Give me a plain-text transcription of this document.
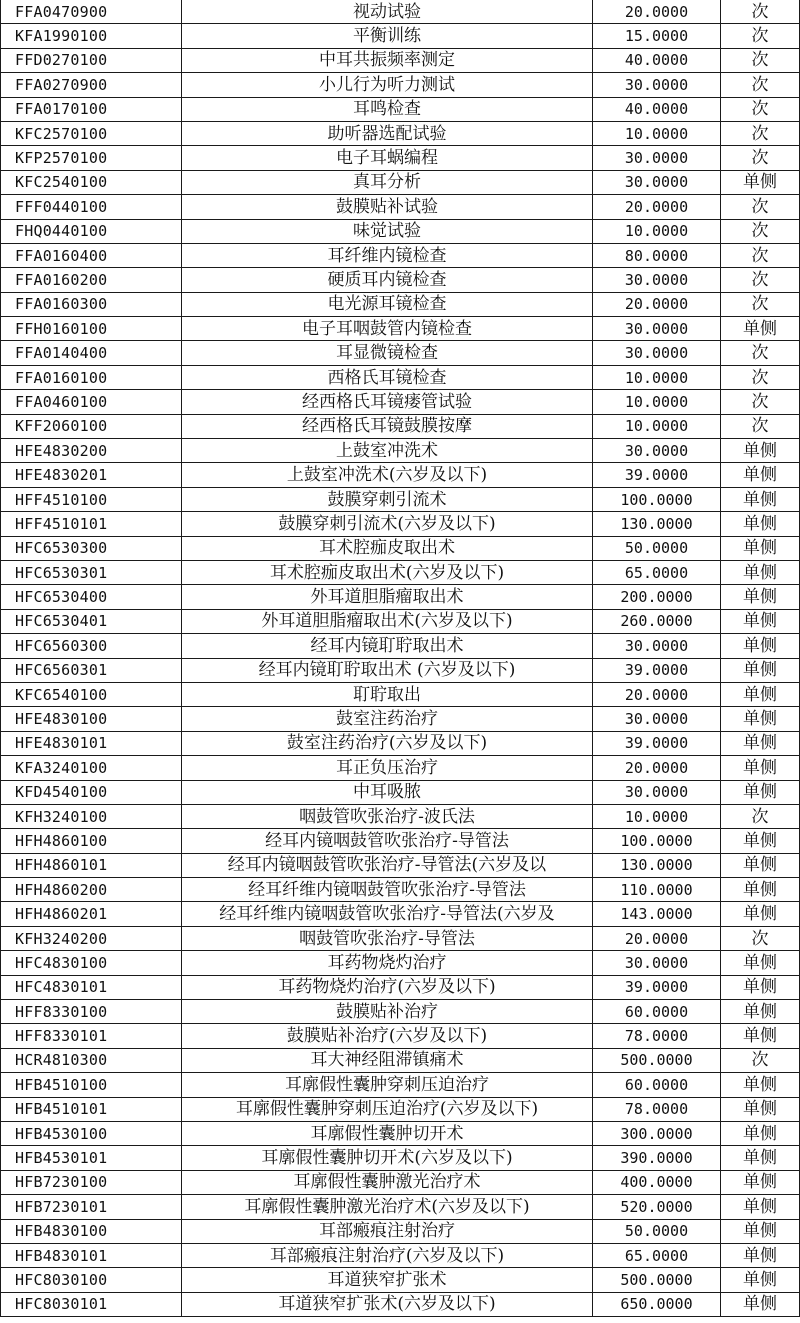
FFA0470900	视动试验	20.0000	次
KFA1990100	平衡训练	15.0000	次
FFD0270100	中耳共振频率测定	40.0000	次
FFA0270900	小儿行为听力测试	30.0000	次
FFA0170100	耳鸣检查	40.0000	次
KFC2570100	助听器选配试验	10.0000	次
KFP2570100	电子耳蜗编程	30.0000	次
KFC2540100	真耳分析	30.0000	单侧
FFF0440100	鼓膜贴补试验	20.0000	次
FHQ0440100	味觉试验	10.0000	次
FFA0160400	耳纤维内镜检查	80.0000	次
FFA0160200	硬质耳内镜检查	30.0000	次
FFA0160300	电光源耳镜检查	20.0000	次
FFH0160100	电子耳咽鼓管内镜检查	30.0000	单侧
FFA0140400	耳显微镜检查	30.0000	次
FFA0160100	西格氏耳镜检查	10.0000	次
FFA0460100	经西格氏耳镜瘘管试验	10.0000	次
KFF2060100	经西格氏耳镜鼓膜按摩	10.0000	次
HFE4830200	上鼓室冲洗术	30.0000	单侧
HFE4830201	上鼓室冲洗术(六岁及以下)	39.0000	单侧
HFF4510100	鼓膜穿刺引流术	100.0000	单侧
HFF4510101	鼓膜穿刺引流术(六岁及以下)	130.0000	单侧
HFC6530300	耳术腔痂皮取出术	50.0000	单侧
HFC6530301	耳术腔痂皮取出术(六岁及以下)	65.0000	单侧
HFC6530400	外耳道胆脂瘤取出术	200.0000	单侧
HFC6530401	外耳道胆脂瘤取出术(六岁及以下)	260.0000	单侧
HFC6560300	经耳内镜耵聍取出术	30.0000	单侧
HFC6560301	经耳内镜耵聍取出术 (六岁及以下)	39.0000	单侧
KFC6540100	耵聍取出	20.0000	单侧
HFE4830100	鼓室注药治疗	30.0000	单侧
HFE4830101	鼓室注药治疗(六岁及以下)	39.0000	单侧
KFA3240100	耳正负压治疗	20.0000	单侧
KFD4540100	中耳吸脓	30.0000	单侧
KFH3240100	咽鼓管吹张治疗-波氏法	10.0000	次
HFH4860100	经耳内镜咽鼓管吹张治疗-导管法	100.0000	单侧
HFH4860101	经耳内镜咽鼓管吹张治疗-导管法(六岁及以	130.0000	单侧
HFH4860200	经耳纤维内镜咽鼓管吹张治疗-导管法	110.0000	单侧
HFH4860201	经耳纤维内镜咽鼓管吹张治疗-导管法(六岁及	143.0000	单侧
KFH3240200	咽鼓管吹张治疗-导管法	20.0000	次
HFC4830100	耳药物烧灼治疗	30.0000	单侧
HFC4830101	耳药物烧灼治疗(六岁及以下)	39.0000	单侧
HFF8330100	鼓膜贴补治疗	60.0000	单侧
HFF8330101	鼓膜贴补治疗(六岁及以下)	78.0000	单侧
HCR4810300	耳大神经阻滞镇痛术	500.0000	次
HFB4510100	耳廓假性囊肿穿刺压迫治疗	60.0000	单侧
HFB4510101	耳廓假性囊肿穿刺压迫治疗(六岁及以下)	78.0000	单侧
HFB4530100	耳廓假性囊肿切开术	300.0000	单侧
HFB4530101	耳廓假性囊肿切开术(六岁及以下)	390.0000	单侧
HFB7230100	耳廓假性囊肿激光治疗术	400.0000	单侧
HFB7230101	耳廓假性囊肿激光治疗术(六岁及以下)	520.0000	单侧
HFB4830100	耳部瘢痕注射治疗	50.0000	单侧
HFB4830101	耳部瘢痕注射治疗(六岁及以下)	65.0000	单侧
HFC8030100	耳道狭窄扩张术	500.0000	单侧
HFC8030101	耳道狭窄扩张术(六岁及以下)	650.0000	单侧
